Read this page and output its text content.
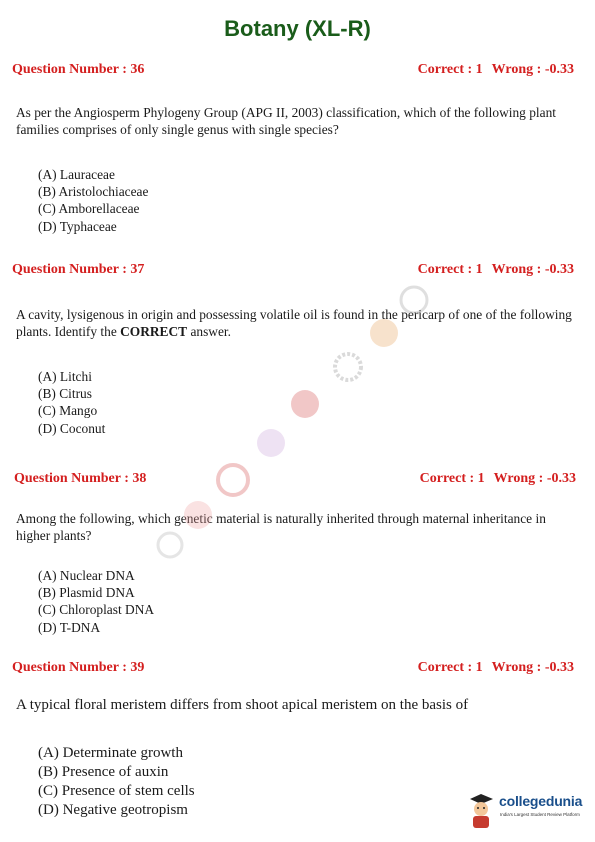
Botany (XL-R)
Question Number : 36	Correct : 1 Wrong : -0.33
As per the Angiosperm Phylogeny Group (APG II, 2003) classification, which of the following plant families comprises of only single genus with single species?
(A) Lauraceae
(B) Aristolochiaceae
(C) Amborellaceae
(D) Typhaceae
Question Number : 37	Correct : 1 Wrong : -0.33
A cavity, lysigenous in origin and possessing volatile oil is found in the pericarp of one of the following plants. Identify the CORRECT answer.
(A) Litchi
(B) Citrus
(C) Mango
(D) Coconut
Question Number : 38	Correct : 1 Wrong : -0.33
Among the following, which genetic material is naturally inherited through maternal inheritance in higher plants?
(A) Nuclear DNA
(B) Plasmid DNA
(C) Chloroplast DNA
(D) T-DNA
Question Number : 39	Correct : 1 Wrong : -0.33
A typical floral meristem differs from shoot apical meristem on the basis of
(A) Determinate growth
(B) Presence of auxin
(C) Presence of stem cells
(D) Negative geotropism
collegedunia
India's Largest Student Review Platform
